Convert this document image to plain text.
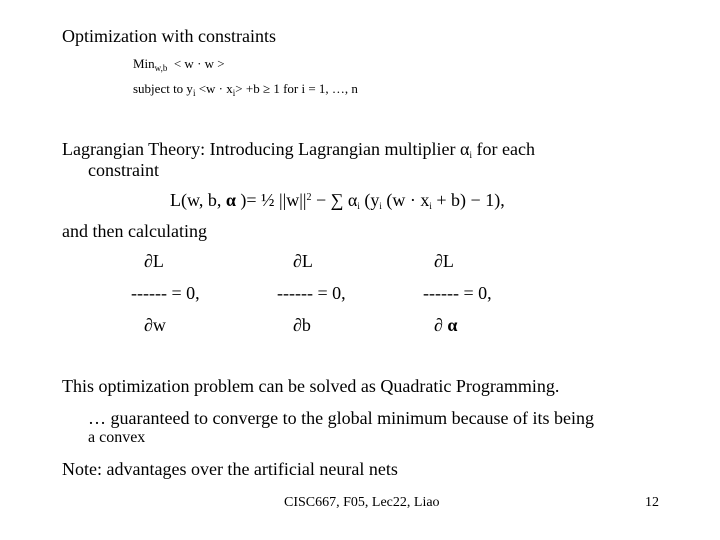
Optimization with constraints
Min$_{w,b}$ < w · w >
subject to $y_i <w \cdot x_i> +b \ge 1$ for i = 1, …, n
Lagrangian Theory: Introducing Lagrangian multiplier $\alpha_i$ for each
constraint
L(w, b, α )= ½ $||w||^2$ − ∑ $\alpha_i$ ($y_i$ $(w \cdot x_i + b) - 1$),
and then calculating
∂L
------ = 0,
∂w
∂L
------ = 0,
∂b
∂L
------ = 0,
∂ α
This optimization problem can be solved as Quadratic Programming.
… guaranteed to converge to the global minimum because of its being
a convex
Note: advantages over the artificial neural nets
CISC667, F05, Lec22, Liao	12
